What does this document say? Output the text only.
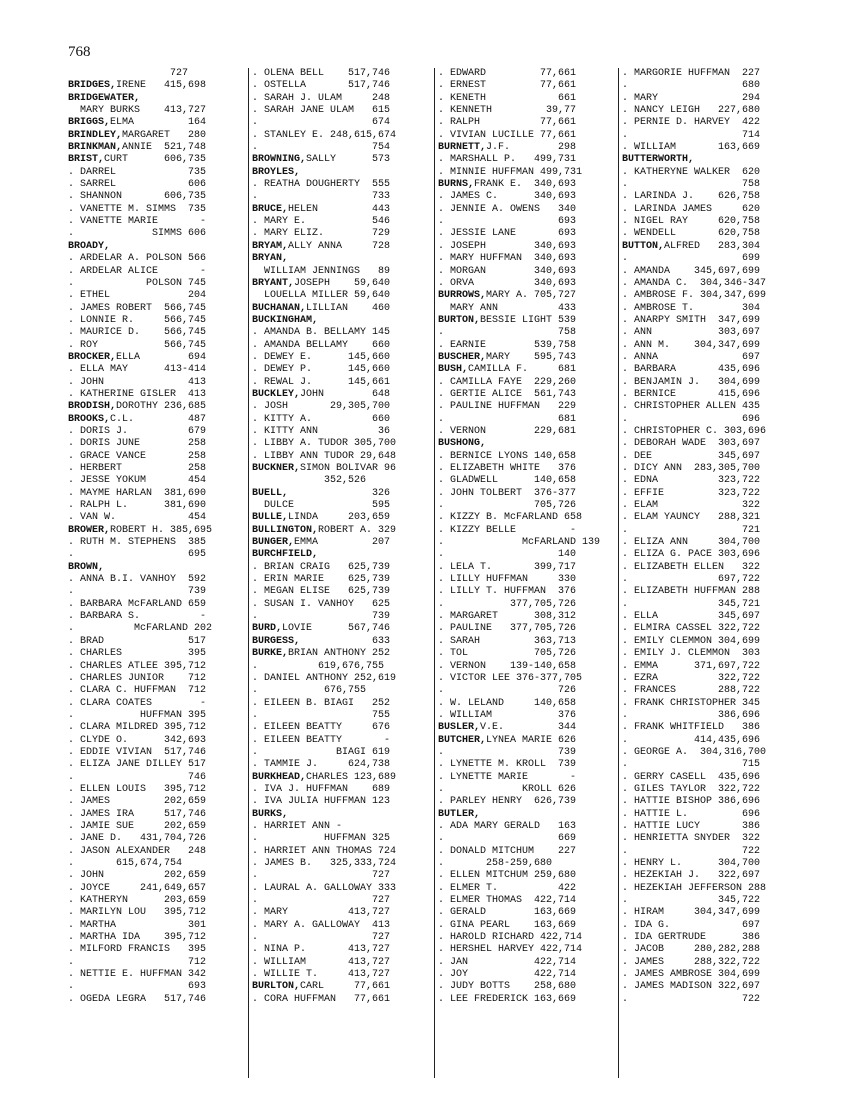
768
727
BRIDGES,IRENE   415,698
BRIDGEWATER,
MARY BURKS    413,727
BRIGGS,ELMA         164
BRINDLEY,MARGARET   280
BRINKMAN,ANNIE  521,748
BRIST,CURT      606,735
. DARREL            735
. SARREL            606
. SHANNON       606,735
. VANETTE M. SIMMS  735
. VANETTE MARIE       -
.             SIMMS 606
BROADY,
. ARDELAR A. POLSON 566
. ARDELAR ALICE       -
.            POLSON 745
. ETHEL             204
. JAMES ROBERT  566,745
. LONNIE R.     566,745
. MAURICE D.    566,745
. ROY           566,745
BROCKER,ELLA        694
. ELLA MAY      413-414
. JOHN              413
. KATHERINE GISLER  413
BRODISH,DOROTHY 236,685
BROOKS,C.L.         487
. DORIS J.          679
. DORIS JUNE        258
. GRACE VANCE       258
. HERBERT           258
. JESSE YOKUM       454
. MAYME HARLAN  381,690
. RALPH L.      381,690
. VAN W.            454
BROWER,ROBERT H. 385,695
. RUTH M. STEPHENS  385
.                   695
BROWN,
. ANNA B.I. VANHOY  592
.                   739
. BARBARA McFARLAND 659
. BARBARA S.          -
.          McFARLAND 202
. BRAD              517
. CHARLES           395
. CHARLES ATLEE 395,712
. CHARLES JUNIOR    712
. CLARA C. HUFFMAN  712
. CLARA COATES        -
.           HUFFMAN 395
. CLARA MILDRED 395,712
. CLYDE O.      342,693
. EDDIE VIVIAN  517,746
. ELIZA JANE DILLEY 517
.                   746
. ELLEN LOUIS   395,712
. JAMES         202,659
. JAMES IRA     517,746
. JAMIE SUE     202,659
. JANE D.   431,704,726
. JASON ALEXANDER   248
.       615,674,754
. JOHN          202,659
. JOYCE     241,649,657
. KATHERYN      203,659
. MARILYN LOU   395,712
. MARTHA            301
. MARTHA IDA    395,712
. MILFORD FRANCIS   395
.                   712
. NETTIE E. HUFFMAN 342
.                   693
. OGEDA LEGRA   517,746
. OLENA BELL    517,746
. OSTELLA       517,746
. SARAH J. ULAM     248
. SARAH JANE ULAM   615
.                   674
. STANLEY E. 248,615,674
.                   754
BROWNING,SALLY      573
BROYLES,
. REATHA DOUGHERTY  555
.                   733
BRUCE,HELEN         443
. MARY E.           546
. MARY ELIZ.        729
BRYAM,ALLY ANNA     728
BRYAN,
WILLIAM JENNINGS   89
BRYANT,JOSEPH    59,640
LOUELLA MILLER 59,640
BUCHANAN,LILLIAN    460
BUCKINGHAM,
. AMANDA B. BELLAMY 145
. AMANDA BELLAMY    660
. DEWEY E.      145,660
. DEWEY P.      145,660
. REWAL J.      145,661
BUCKLEY,JOHN        648
. JOSH       29,305,700
. KITTY A.          660
. KITTY ANN          36
. LIBBY A. TUDOR 305,700
. LIBBY ANN TUDOR 29,648
BUCKNER,SIMON BOLIVAR 96
352,526
BUELL,              326
DULCE             595
BULLE,LINDA     203,659
BULLINGTON,ROBERT A. 329
BUNGER,EMMA         207
BURCHFIELD,
. BRIAN CRAIG   625,739
. ERIN MARIE    625,739
. MEGAN ELISE   625,739
. SUSAN I. VANHOY   625
.                   739
BURD,LOVIE      567,746
BURGESS,            633
BURKE,BRIAN ANTHONY 252
.          619,676,755
. DANIEL ANTHONY 252,619
.           676,755
. EILEEN B. BIAGI   252
.                   755
. EILEEN BEATTY     676
. EILEEN BEATTY       -
.             BIAGI 619
. TAMMIE J.     624,738
BURKHEAD,CHARLES 123,689
. IVA J. HUFFMAN    689
. IVA JULIA HUFFMAN 123
BURKS,
. HARRIET ANN -
.           HUFFMAN 325
. HARRIET ANN THOMAS 724
. JAMES B.   325,333,724
.                   727
. LAURAL A. GALLOWAY 333
.                   727
. MARY          413,727
. MARY A. GALLOWAY  413
.                   727
. NINA P.       413,727
. WILLIAM       413,727
. WILLIE T.     413,727
BURLTON,CARL     77,661
. CORA HUFFMAN   77,661
. EDWARD         77,661
. ERNEST         77,661
. KENETH            661
. KENNETH         39,77
. RALPH          77,661
. VIVIAN LUCILLE 77,661
BURNETT,J.F.        298
. MARSHALL P.   499,731
. MINNIE HUFFMAN 499,731
BURNS,FRANK E.  340,693
. JAMES C.      340,693
. JENNIE A. OWENS   340
.                   693
. JESSIE LANE       693
. JOSEPH        340,693
. MARY HUFFMAN  340,693
. MORGAN        340,693
. ORVA          340,693
BURROWS,MARY A. 705,727
MARY ANN          433
BURTON,BESSIE LIGHT 539
.                   758
. EARNIE        539,758
BUSCHER,MARY    595,743
BUSH,CAMILLA F.     681
. CAMILLA FAYE  229,260
. GERTIE ALICE  561,743
. PAULINE HUFFMAN   229
.                   681
. VERNON        229,681
BUSHONG,
. BERNICE LYONS 140,658
. ELIZABETH WHITE   376
. GLADWELL      140,658
. JOHN TOLBERT  376-377
.               705,726
. KIZZY B. McFARLAND 658
. KIZZY BELLE         -
.             McFARLAND 139
.                   140
. LELA T.       399,717
. LILLY HUFFMAN     330
. LILLY T. HUFFMAN  376
.           377,705,726
. MARGARET      308,312
. PAULINE   377,705,726
. SARAH         363,713
. TOL           705,726
. VERNON    139-140,658
. VICTOR LEE 376-377,705
.                   726
. W. LELAND     140,658
. WILLIAM           376
BUSLER,V.E.         344
BUTCHER,LYNEA MARIE 626
.                   739
. LYNETTE M. KROLL  739
. LYNETTE MARIE       -
.             KROLL 626
. PARLEY HENRY  626,739
BUTLER,
. ADA MARY GERALD   163
.                   669
. DONALD MITCHUM    227
.       258-259,680
. ELLEN MITCHUM 259,680
. ELMER T.          422
. ELMER THOMAS  422,714
. GERALD        163,669
. GINA PEARL    163,669
. HAROLD RICHARD 422,714
. HERSHEL HARVEY 422,714
. JAN           422,714
. JOY           422,714
. JUDY BOTTS    258,680
. LEE FREDERICK 163,669
. MARGORIE HUFFMAN  227
.                   680
. MARY              294
. NANCY LEIGH   227,680
. PERNIE D. HARVEY  422
.                   714
. WILLIAM       163,669
BUTTERWORTH,
. KATHERYNE WALKER  620
.                   758
. LARINDA J.    626,758
. LARINDA JAMES     620
. NIGEL RAY     620,758
. WENDELL       620,758
BUTTON,ALFRED   283,304
.                   699
. AMANDA    345,697,699
. AMANDA C.  304,346-347
. AMBROSE F. 304,347,699
. AMBROSE T.        304
. ANARPY SMITH  347,699
. ANN           303,697
. ANN M.    304,347,699
. ANNA              697
. BARBARA       435,696
. BENJAMIN J.   304,699
. BERNICE       415,696
. CHRISTOPHER ALLEN 435
.                   696
. CHRISTOPHER C. 303,696
. DEBORAH WADE  303,697
. DEE           345,697
. DICY ANN  283,305,700
. EDNA          323,722
. EFFIE         323,722
. ELAM              322
. ELAM YAUNCY   288,321
.                   721
. ELIZA ANN     304,700
. ELIZA G. PACE 303,696
. ELIZABETH ELLEN   322
.               697,722
. ELIZABETH HUFFMAN 288
.               345,721
. ELLA          345,697
. ELMIRA CASSEL 322,722
. EMILY CLEMMON 304,699
. EMILY J. CLEMMON  303
. EMMA      371,697,722
. EZRA          322,722
. FRANCES       288,722
. FRANK CHRISTOPHER 345
.               386,696
. FRANK WHITFIELD   386
.           414,435,696
. GEORGE A.  304,316,700
.                   715
. GERRY CASELL  435,696
. GILES TAYLOR  322,722
. HATTIE BISHOP 386,696
. HATTIE L.         696
. HATTIE LUCY       386
. HENRIETTA SNYDER  322
.                   722
. HENRY L.      304,700
. HEZEKIAH J.   322,697
. HEZEKIAH JEFFERSON 288
.               345,722
. HIRAM     304,347,699
. IDA G.            697
. IDA GERTRUDE      386
. JACOB     280,282,288
. JAMES     288,322,722
. JAMES AMBROSE 304,699
. JAMES MADISON 322,697
.                   722
